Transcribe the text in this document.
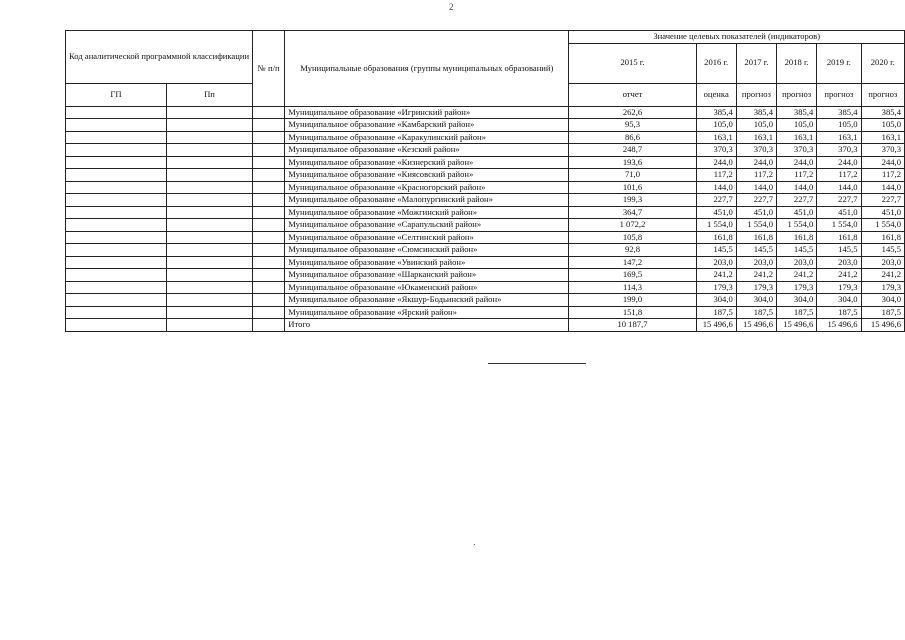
2
Код аналитической программной классификации		№ п/п	Муниципальные образования (группы муниципальных образований)	Значение целевых показателей (индикаторов)					
				2015 г.	2016 г.	2017 г.	2018 г.	2019 г.	2020 г.
ГП	Пп			отчет	оценка	прогноз	прогноз	прогноз	прогноз
			Муниципальное образование «Игринский район»	262,6	385,4	385,4	385,4	385,4	385,4
			Муниципальное образование «Камбарский район»	95,3	105,0	105,0	105,0	105,0	105,0
			Муниципальное образование «Каракулинский район»	86,6	163,1	163,1	163,1	163,1	163,1
			Муниципальное образование «Кезский район»	248,7	370,3	370,3	370,3	370,3	370,3
			Муниципальное образование «Кизнерский район»	193,6	244,0	244,0	244,0	244,0	244,0
			Муниципальное образование «Киясовский район»	71,0	117,2	117,2	117,2	117,2	117,2
			Муниципальное образование «Красногорский район»	101,6	144,0	144,0	144,0	144,0	144,0
			Муниципальное образование «Малопургинский район»	199,3	227,7	227,7	227,7	227,7	227,7
			Муниципальное образование «Можгинский район»	364,7	451,0	451,0	451,0	451,0	451,0
			Муниципальное образование «Сарапульский район»	1 072,2	1 554,0	1 554,0	1 554,0	1 554,0	1 554,0
			Муниципальное образование «Селтинский район»	105,8	161,8	161,8	161,8	161,8	161,8
			Муниципальное образование «Сюмсинский район»	92,8	145,5	145,5	145,5	145,5	145,5
			Муниципальное образование «Увинский район»	147,2	203,0	203,0	203,0	203,0	203,0
			Муниципальное образование «Шарканский район»	169,5	241,2	241,2	241,2	241,2	241,2
			Муниципальное образование «Юкаменский район»	114,3	179,3	179,3	179,3	179,3	179,3
			Муниципальное образование «Якшур-Бодьинский район»	199,0	304,0	304,0	304,0	304,0	304,0
			Муниципальное образование «Ярский район»	151,8	187,5	187,5	187,5	187,5	187,5
			Итого	10 187,7	15 496,6	15 496,6	15 496,6	15 496,6	15 496,6
